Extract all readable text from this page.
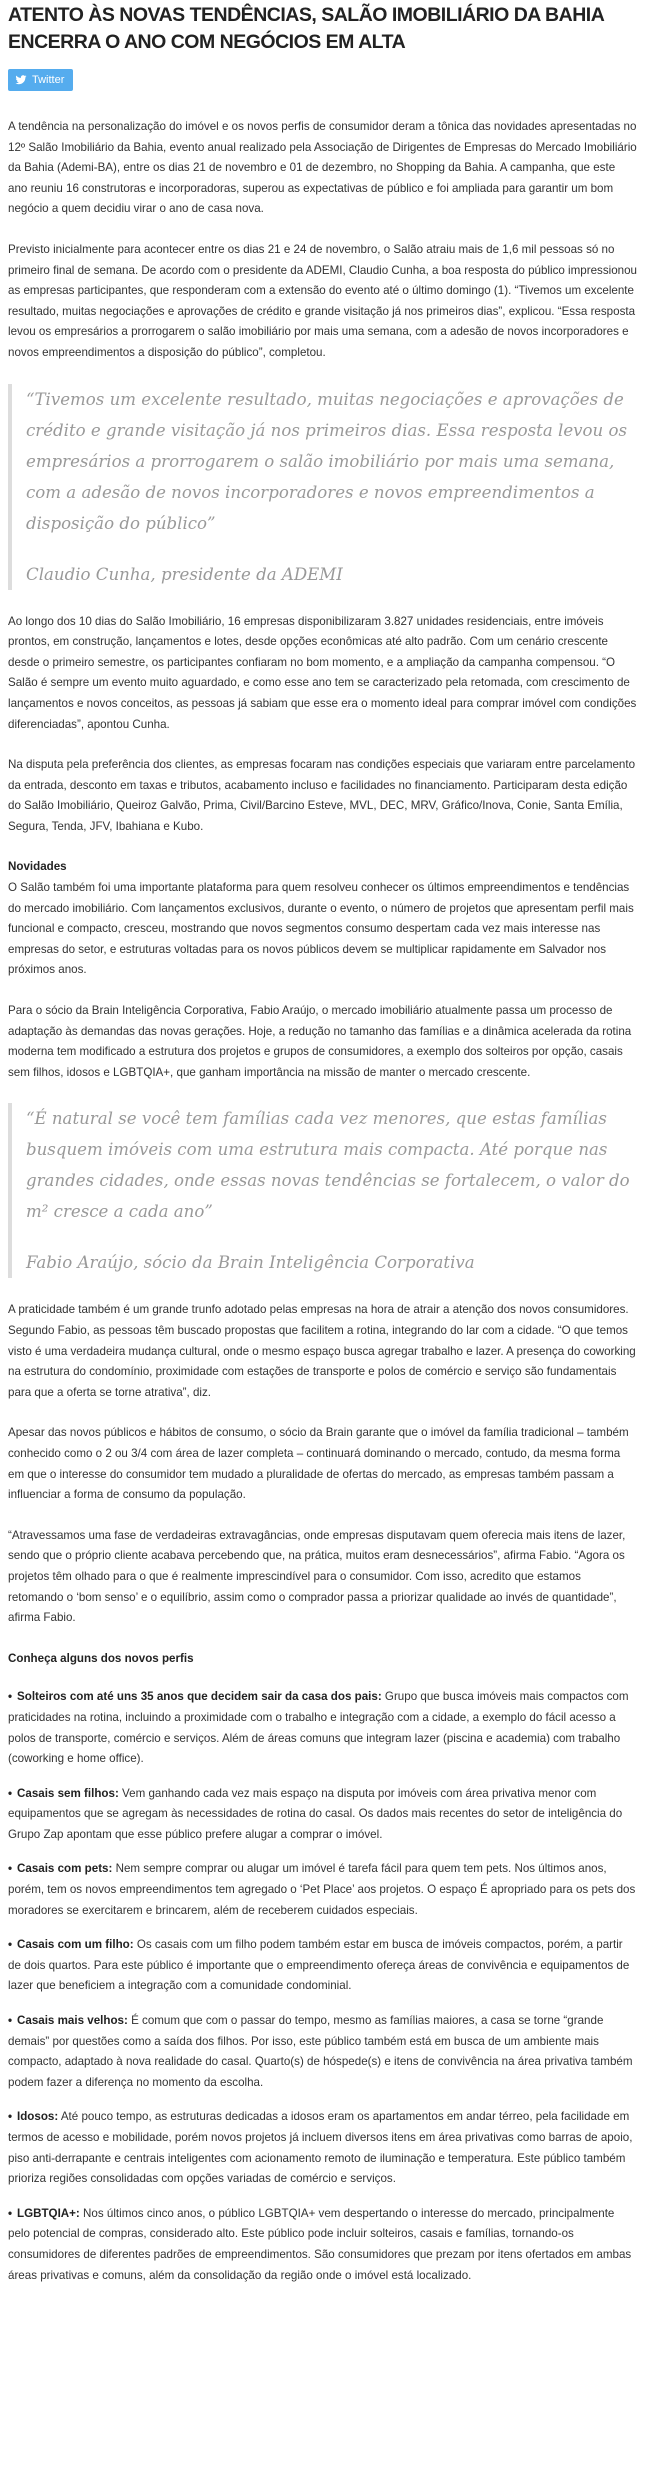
ATENTO ÀS NOVAS TENDÊNCIAS, SALÃO IMOBILIÁRIO DA BAHIA ENCERRA O ANO COM NEGÓCIOS EM ALTA
Twitter

A tendência na personalização do imóvel e os novos perfis de consumidor deram a tônica das novidades apresentadas no 12º Salão Imobiliário da Bahia, evento anual realizado pela Associação de Dirigentes de Empresas do Mercado Imobiliário da Bahia (Ademi-BA), entre os dias 21 de novembro e 01 de dezembro, no Shopping da Bahia. A campanha, que este ano reuniu 16 construtoras e incorporadoras, superou as expectativas de público e foi ampliada para garantir um bom negócio a quem decidiu virar o ano de casa nova.

Previsto inicialmente para acontecer entre os dias 21 e 24 de novembro, o Salão atraiu mais de 1,6 mil pessoas só no primeiro final de semana. De acordo com o presidente da ADEMI, Claudio Cunha, a boa resposta do público impressionou as empresas participantes, que responderam com a extensão do evento até o último domingo (1). “Tivemos um excelente resultado, muitas negociações e aprovações de crédito e grande visitação já nos primeiros dias”, explicou. “Essa resposta levou os empresários a prorrogarem o salão imobiliário por mais uma semana, com a adesão de novos incorporadores e novos empreendimentos a disposição do público”, completou.

“Tivemos um excelente resultado, muitas negociações e aprovações de crédito e grande visitação já nos primeiros dias. Essa resposta levou os empresários a prorrogarem o salão imobiliário por mais uma semana, com a adesão de novos incorporadores e novos empreendimentos a disposição do público”
Claudio Cunha, presidente da ADEMI

Ao longo dos 10 dias do Salão Imobiliário, 16 empresas disponibilizaram 3.827 unidades residenciais, entre imóveis prontos, em construção, lançamentos e lotes, desde opções econômicas até alto padrão. Com um cenário crescente desde o primeiro semestre, os participantes confiaram no bom momento, e a ampliação da campanha compensou. “O Salão é sempre um evento muito aguardado, e como esse ano tem se caracterizado pela retomada, com crescimento de lançamentos e novos conceitos, as pessoas já sabiam que esse era o momento ideal para comprar imóvel com condições diferenciadas”, apontou Cunha.

Na disputa pela preferência dos clientes, as empresas focaram nas condições especiais que variaram entre parcelamento da entrada, desconto em taxas e tributos, acabamento incluso e facilidades no financiamento. Participaram desta edição do Salão Imobiliário, Queiroz Galvão, Prima, Civil/Barcino Esteve, MVL, DEC, MRV, Gráfico/Inova, Conie, Santa Emília, Segura, Tenda, JFV, Ibahiana e Kubo.

Novidades

O Salão também foi uma importante plataforma para quem resolveu conhecer os últimos empreendimentos e tendências do mercado imobiliário. Com lançamentos exclusivos, durante o evento, o número de projetos que apresentam perfil mais funcional e compacto, cresceu, mostrando que novos segmentos consumo despertam cada vez mais interesse nas empresas do setor, e estruturas voltadas para os novos públicos devem se multiplicar rapidamente em Salvador nos próximos anos.

Para o sócio da Brain Inteligência Corporativa, Fabio Araújo, o mercado imobiliário atualmente passa um processo de adaptação às demandas das novas gerações. Hoje, a redução no tamanho das famílias e a dinâmica acelerada da rotina moderna tem modificado a estrutura dos projetos e grupos de consumidores, a exemplo dos solteiros por opção, casais sem filhos, idosos e LGBTQIA+, que ganham importância na missão de manter o mercado crescente.

“É natural se você tem famílias cada vez menores, que estas famílias busquem imóveis com uma estrutura mais compacta. Até porque nas grandes cidades, onde essas novas tendências se fortalecem, o valor do m² cresce a cada ano”
Fabio Araújo, sócio da Brain Inteligência Corporativa

A praticidade também é um grande trunfo adotado pelas empresas na hora de atrair a atenção dos novos consumidores. Segundo Fabio, as pessoas têm buscado propostas que facilitem a rotina, integrando do lar com a cidade. “O que temos visto é uma verdadeira mudança cultural, onde o mesmo espaço busca agregar trabalho e lazer. A presença do coworking na estrutura do condomínio, proximidade com estações de transporte e polos de comércio e serviço são fundamentais para que a oferta se torne atrativa”, diz.

Apesar das novos públicos e hábitos de consumo, o sócio da Brain garante que o imóvel da família tradicional – também conhecido como o 2 ou 3/4 com área de lazer completa – continuará dominando o mercado, contudo, da mesma forma em que o interesse do consumidor tem mudado a pluralidade de ofertas do mercado, as empresas também passam a influenciar a forma de consumo da população.

“Atravessamos uma fase de verdadeiras extravagâncias, onde empresas disputavam quem oferecia mais itens de lazer, sendo que o próprio cliente acabava percebendo que, na prática, muitos eram desnecessários”, afirma Fabio. “Agora os projetos têm olhado para o que é realmente imprescindível para o consumidor. Com isso, acredito que estamos retomando o ‘bom senso’ e o equilíbrio, assim como o comprador passa a priorizar qualidade ao invés de quantidade”, afirma Fabio.

Conheça alguns dos novos perfis

• Solteiros com até uns 35 anos que decidem sair da casa dos pais: Grupo que busca imóveis mais compactos com praticidades na rotina, incluindo a proximidade com o trabalho e integração com a cidade, a exemplo do fácil acesso a polos de transporte, comércio e serviços. Além de áreas comuns que integram lazer (piscina e academia) com trabalho (coworking e home office).
• Casais sem filhos: Vem ganhando cada vez mais espaço na disputa por imóveis com área privativa menor com equipamentos que se agregam às necessidades de rotina do casal. Os dados mais recentes do setor de inteligência do Grupo Zap apontam que esse público prefere alugar a comprar o imóvel.
• Casais com pets: Nem sempre comprar ou alugar um imóvel é tarefa fácil para quem tem pets. Nos últimos anos, porém, tem os novos empreendimentos tem agregado o ‘Pet Place’ aos projetos. O espaço É apropriado para os pets dos moradores se exercitarem e brincarem, além de receberem cuidados especiais.
• Casais com um filho: Os casais com um filho podem também estar em busca de imóveis compactos, porém, a partir de dois quartos. Para este público é importante que o empreendimento ofereça áreas de convivência e equipamentos de lazer que beneficiem a integração com a comunidade condominial.
• Casais mais velhos: É comum que com o passar do tempo, mesmo as famílias maiores, a casa se torne “grande demais” por questões como a saída dos filhos. Por isso, este público também está em busca de um ambiente mais compacto, adaptado à nova realidade do casal. Quarto(s) de hóspede(s) e itens de convivência na área privativa também podem fazer a diferença no momento da escolha.
• Idosos: Até pouco tempo, as estruturas dedicadas a idosos eram os apartamentos em andar térreo, pela facilidade em termos de acesso e mobilidade, porém novos projetos já incluem diversos itens em área privativas como barras de apoio, piso anti-derrapante e centrais inteligentes com acionamento remoto de iluminação e temperatura. Este público também prioriza regiões consolidadas com opções variadas de comércio e serviços.
• LGBTQIA+: Nos últimos cinco anos, o público LGBTQIA+ vem despertando o interesse do mercado, principalmente pelo potencial de compras, considerado alto. Este público pode incluir solteiros, casais e famílias, tornando-os consumidores de diferentes padrões de empreendimentos. São consumidores que prezam por itens ofertados em ambas áreas privativas e comuns, além da consolidação da região onde o imóvel está localizado.
